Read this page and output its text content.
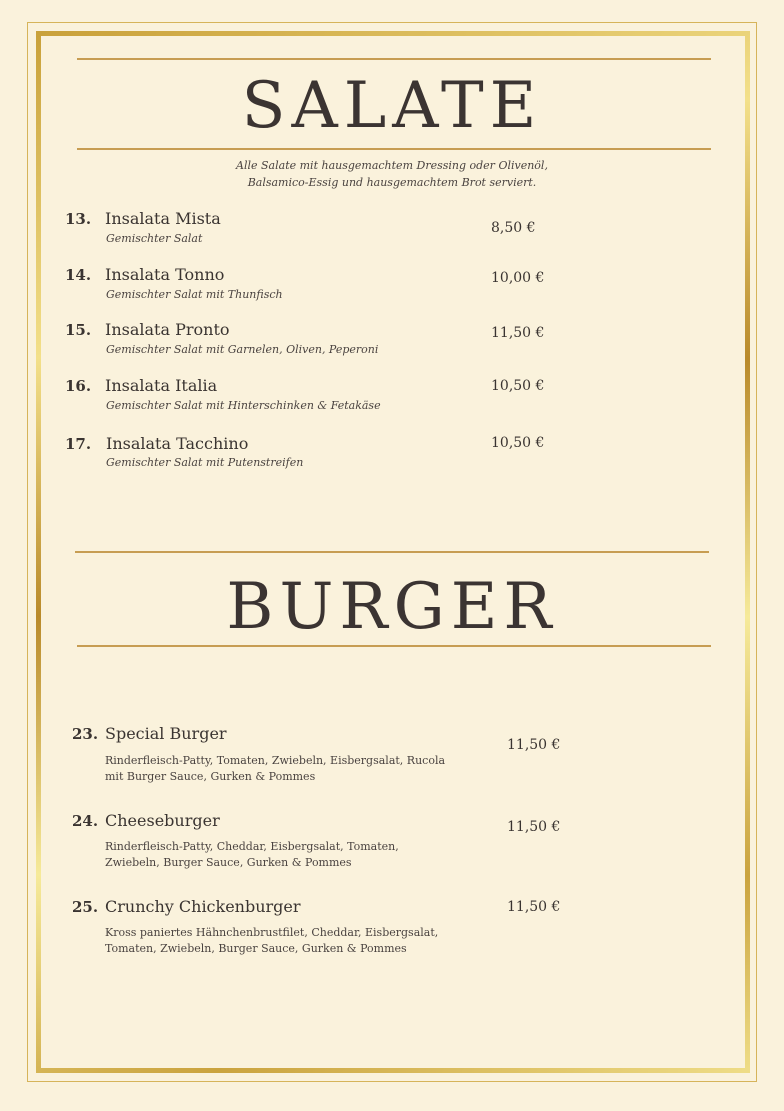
SALATE

Alle Salate mit hausgemachtem Dressing oder Olivenöl,

Balsamico-Essig und hausgemachtem Brot serviert.

13. Insalata Mista
Gemischter Salat
8,50 €
14. Insalata Tonno
Gemischter Salat mit Thunfisch
10,00 €
15. Insalata Pronto
Gemischter Salat mit Garnelen, Oliven, Peperoni
11,50 €
16. Insalata Italia
Gemischter Salat mit Hinterschinken & Fetakäse
10,50 €
17. Insalata Tacchino
Gemischter Salat mit Putenstreifen
10,50 €
BURGER
23. Special Burger
Rinderfleisch-Patty, Tomaten, Zwiebeln, Eisbergsalat, Rucola
mit Burger Sauce, Gurken & Pommes
11,50 €
24. Cheeseburger
Rinderfleisch-Patty, Cheddar, Eisbergsalat, Tomaten,
Zwiebeln, Burger Sauce, Gurken & Pommes
11,50 €
25. Crunchy Chickenburger
Kross paniertes Hähnchenbrustfilet, Cheddar, Eisbergsalat,
Tomaten, Zwiebeln, Burger Sauce, Gurken & Pommes
11,50 €
